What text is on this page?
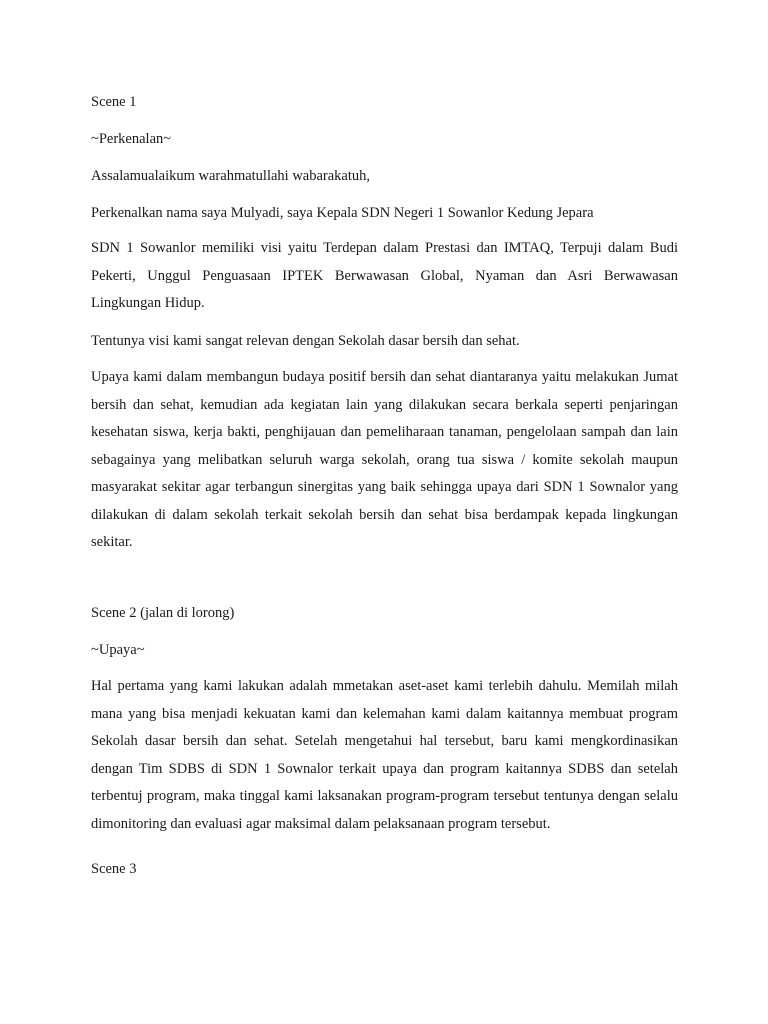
Scene 1
~Perkenalan~
Assalamualaikum warahmatullahi wabarakatuh,
Perkenalkan nama saya Mulyadi, saya Kepala SDN Negeri 1 Sowanlor Kedung Jepara

SDN 1 Sowanlor memiliki visi yaitu Terdepan dalam Prestasi dan IMTAQ, Terpuji dalam Budi Pekerti, Unggul Penguasaan IPTEK Berwawasan Global, Nyaman dan Asri Berwawasan Lingkungan Hidup.

Tentunya visi kami sangat relevan dengan Sekolah dasar bersih dan sehat.

Upaya kami dalam membangun budaya positif bersih dan sehat diantaranya yaitu melakukan Jumat bersih dan sehat, kemudian ada kegiatan lain yang dilakukan secara berkala seperti penjaringan kesehatan siswa, kerja bakti, penghijauan dan pemeliharaan tanaman, pengelolaan sampah dan lain sebagainya yang melibatkan seluruh warga sekolah, orang tua siswa / komite sekolah maupun masyarakat sekitar agar terbangun sinergitas yang baik sehingga upaya dari SDN 1 Sownalor yang dilakukan di dalam sekolah terkait sekolah bersih dan sehat bisa berdampak kepada lingkungan sekitar.

Scene 2 (jalan di lorong)
~Upaya~

Hal pertama yang kami lakukan adalah mmetakan aset-aset kami terlebih dahulu. Memilah milah mana yang bisa menjadi kekuatan kami dan kelemahan kami dalam kaitannya membuat program Sekolah dasar bersih dan sehat. Setelah mengetahui hal tersebut, baru kami mengkordinasikan dengan Tim SDBS di SDN 1 Sownalor terkait upaya dan program kaitannya SDBS dan setelah terbentuj program, maka tinggal kami laksanakan program-program tersebut tentunya dengan selalu dimonitoring dan evaluasi agar maksimal dalam pelaksanaan program tersebut.

Scene 3
